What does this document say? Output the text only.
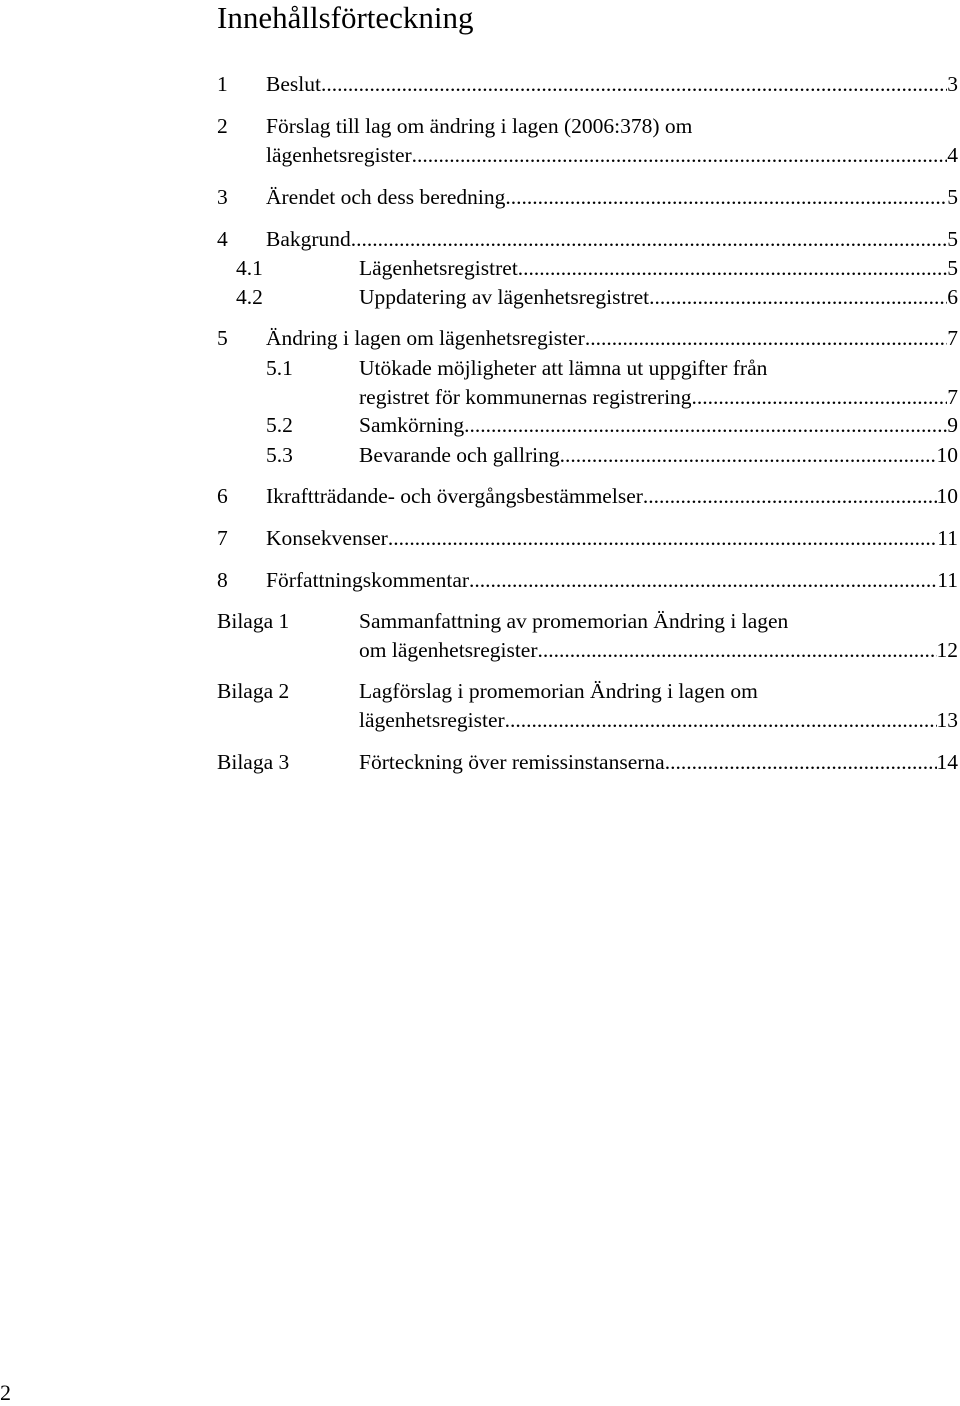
Innehållsförteckning
1 Beslut .....	3
2 Förslag till lag om ändring i lagen (2006:378) om
lägenhetsregister .....	4
3 Ärendet och dess beredning .....	5
4 Bakgrund .....	5
4.1	Lägenhetsregistret .....	5
4.2	Uppdatering av lägenhetsregistret .....	6
5 Ändring i lagen om lägenhetsregister .....	7
5.1	Utökade möjligheter att lämna ut uppgifter från
registret för kommunernas registrering .....	7
5.2	Samkörning .....	9
5.3	Bevarande och gallring .....	10
6 Ikraftträdande- och övergångsbestämmelser .....	10
7 Konsekvenser .....	11
8 Författningskommentar .....	11
Bilaga 1	Sammanfattning av promemorian Ändring i lagen
om lägenhetsregister .....	12
Bilaga 2	Lagförslag i promemorian Ändring i lagen om
lägenhetsregister .....	13
Bilaga 3	Förteckning över remissinstanserna .....	14
2
